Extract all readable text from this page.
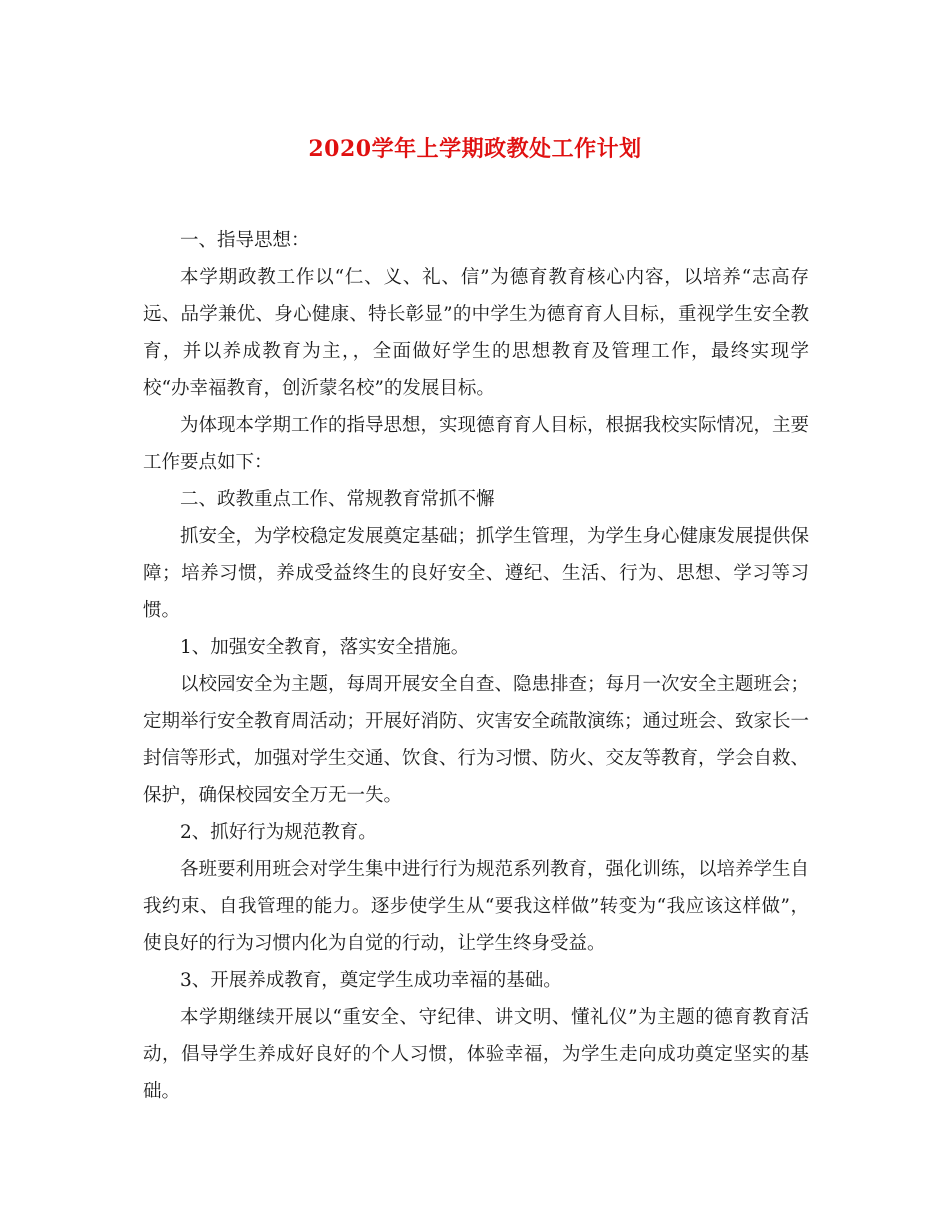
2020学年上学期政教处工作计划

一、指导思想：

本学期政教工作以“仁、义、礼、信”为德育教育核心内容，以培养“志高存远、品学兼优、身心健康、特长彰显”的中学生为德育育人目标，重视学生安全教育，并以养成教育为主，，全面做好学生的思想教育及管理工作，最终实现学校“办幸福教育，创沂蒙名校”的发展目标。

为体现本学期工作的指导思想，实现德育育人目标，根据我校实际情况，主要工作要点如下：

二、政教重点工作、常规教育常抓不懈

抓安全，为学校稳定发展奠定基础；抓学生管理，为学生身心健康发展提供保障；培养习惯，养成受益终生的良好安全、遵纪、生活、行为、思想、学习等习惯。

1、加强安全教育，落实安全措施。

以校园安全为主题，每周开展安全自查、隐患排查；每月一次安全主题班会；定期举行安全教育周活动；开展好消防、灾害安全疏散演练；通过班会、致家长一封信等形式，加强对学生交通、饮食、行为习惯、防火、交友等教育，学会自救、保护，确保校园安全万无一失。

2、抓好行为规范教育。

各班要利用班会对学生集中进行行为规范系列教育，强化训练，以培养学生自我约束、自我管理的能力。逐步使学生从“要我这样做”转变为“我应该这样做”，使良好的行为习惯内化为自觉的行动，让学生终身受益。

3、开展养成教育，奠定学生成功幸福的基础。

本学期继续开展以“重安全、守纪律、讲文明、懂礼仪”为主题的德育教育活动，倡导学生养成好良好的个人习惯，体验幸福，为学生走向成功奠定坚实的基础。
